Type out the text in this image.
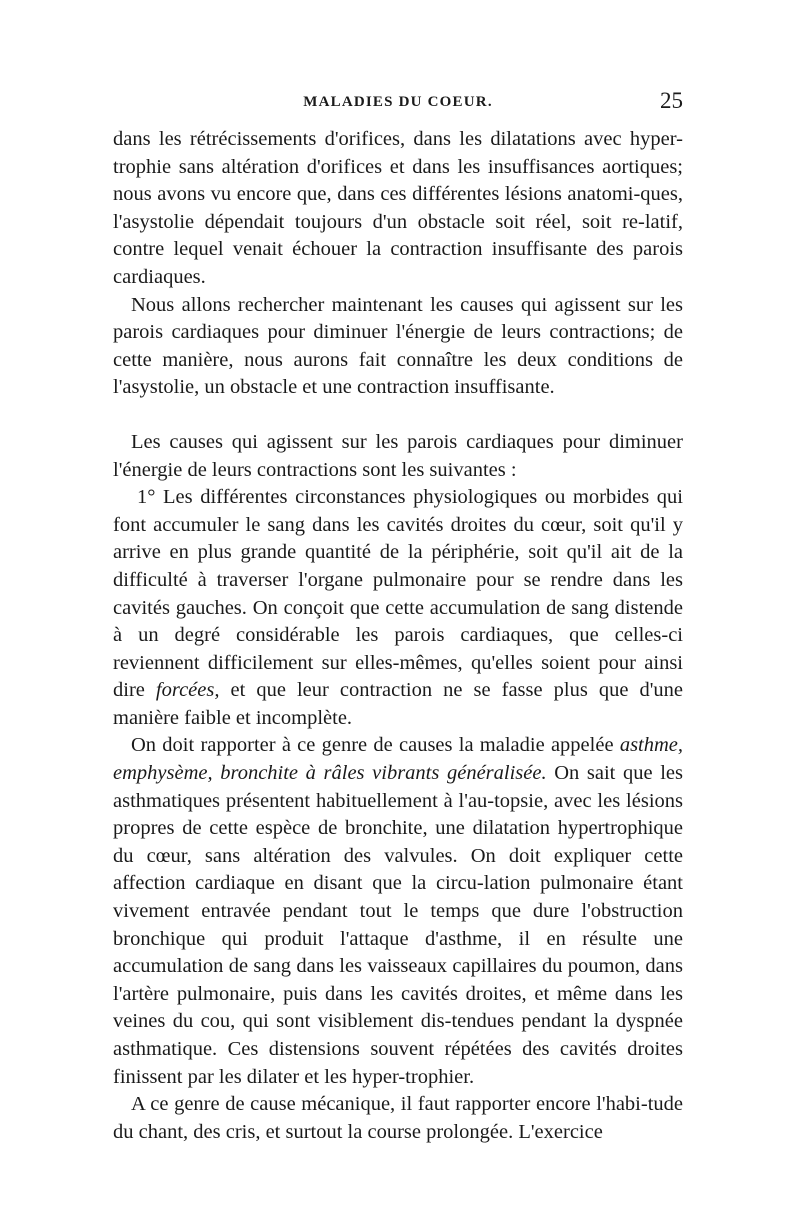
MALADIES DU COEUR.	25

dans les rétrécissements d'orifices, dans les dilatations avec hyper-trophie sans altération d'orifices et dans les insuffisances aortiques; nous avons vu encore que, dans ces différentes lésions anatomi-ques, l'asystolie dépendait toujours d'un obstacle soit réel, soit re-latif, contre lequel venait échouer la contraction insuffisante des parois cardiaques.

Nous allons rechercher maintenant les causes qui agissent sur les parois cardiaques pour diminuer l'énergie de leurs contractions; de cette manière, nous aurons fait connaître les deux conditions de l'asystolie, un obstacle et une contraction insuffisante.

Les causes qui agissent sur les parois cardiaques pour diminuer l'énergie de leurs contractions sont les suivantes :

1° Les différentes circonstances physiologiques ou morbides qui font accumuler le sang dans les cavités droites du cœur, soit qu'il y arrive en plus grande quantité de la périphérie, soit qu'il ait de la difficulté à traverser l'organe pulmonaire pour se rendre dans les cavités gauches. On conçoit que cette accumulation de sang distende à un degré considérable les parois cardiaques, que celles-ci reviennent difficilement sur elles-mêmes, qu'elles soient pour ainsi dire forcées, et que leur contraction ne se fasse plus que d'une manière faible et incomplète.

On doit rapporter à ce genre de causes la maladie appelée asthme, emphysème, bronchite à râles vibrants généralisée. On sait que les asthmatiques présentent habituellement à l'au-topsie, avec les lésions propres de cette espèce de bronchite, une dilatation hypertrophique du cœur, sans altération des valvules. On doit expliquer cette affection cardiaque en disant que la circu-lation pulmonaire étant vivement entravée pendant tout le temps que dure l'obstruction bronchique qui produit l'attaque d'asthme, il en résulte une accumulation de sang dans les vaisseaux capillaires du poumon, dans l'artère pulmonaire, puis dans les cavités droites, et même dans les veines du cou, qui sont visiblement dis-tendues pendant la dyspnée asthmatique. Ces distensions souvent répétées des cavités droites finissent par les dilater et les hyper-trophier.

A ce genre de cause mécanique, il faut rapporter encore l'habi-tude du chant, des cris, et surtout la course prolongée. L'exercice
